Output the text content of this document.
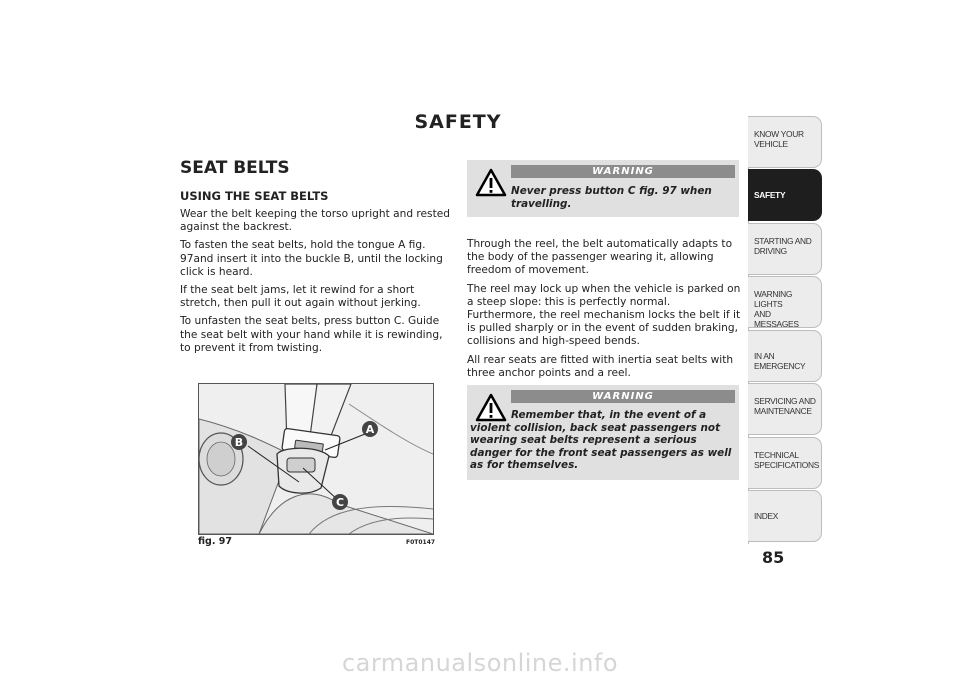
SAFETY
SEAT BELTS
USING THE SEAT BELTS

Wear the belt keeping the torso upright and rested against the backrest.

To fasten the seat belts, hold the tongue A fig. 97and insert it into the buckle B, until the locking click is heard.

If the seat belt jams, let it rewind for a short stretch, then pull it out again without jerking.

To unfasten the seat belts, press button C. Guide the seat belt with your hand while it is rewinding, to prevent it from twisting.

WARNING
Never press button C fig. 97 when travelling.

Through the reel, the belt automatically adapts to the body of the passenger wearing it, allowing freedom of movement.

The reel may lock up when the vehicle is parked on a steep slope: this is perfectly normal. Furthermore, the reel mechanism locks the belt if it is pulled sharply or in the event of sudden braking, collisions and high-speed bends.

All rear seats are fitted with inertia seat belts with three anchor points and a reel.

WARNING
Remember that, in the event of a violent collision, back seat passengers not wearing seat belts represent a serious danger for the front seat passengers as well as for themselves.
B
A
C
fig. 97	F0T0147
KNOW YOUR
VEHICLE
SAFETY
STARTING AND
DRIVING
WARNING LIGHTS
AND MESSAGES
IN AN EMERGENCY
SERVICING AND
MAINTENANCE
TECHNICAL
SPECIFICATIONS
INDEX
85
carmanualsonline.info
